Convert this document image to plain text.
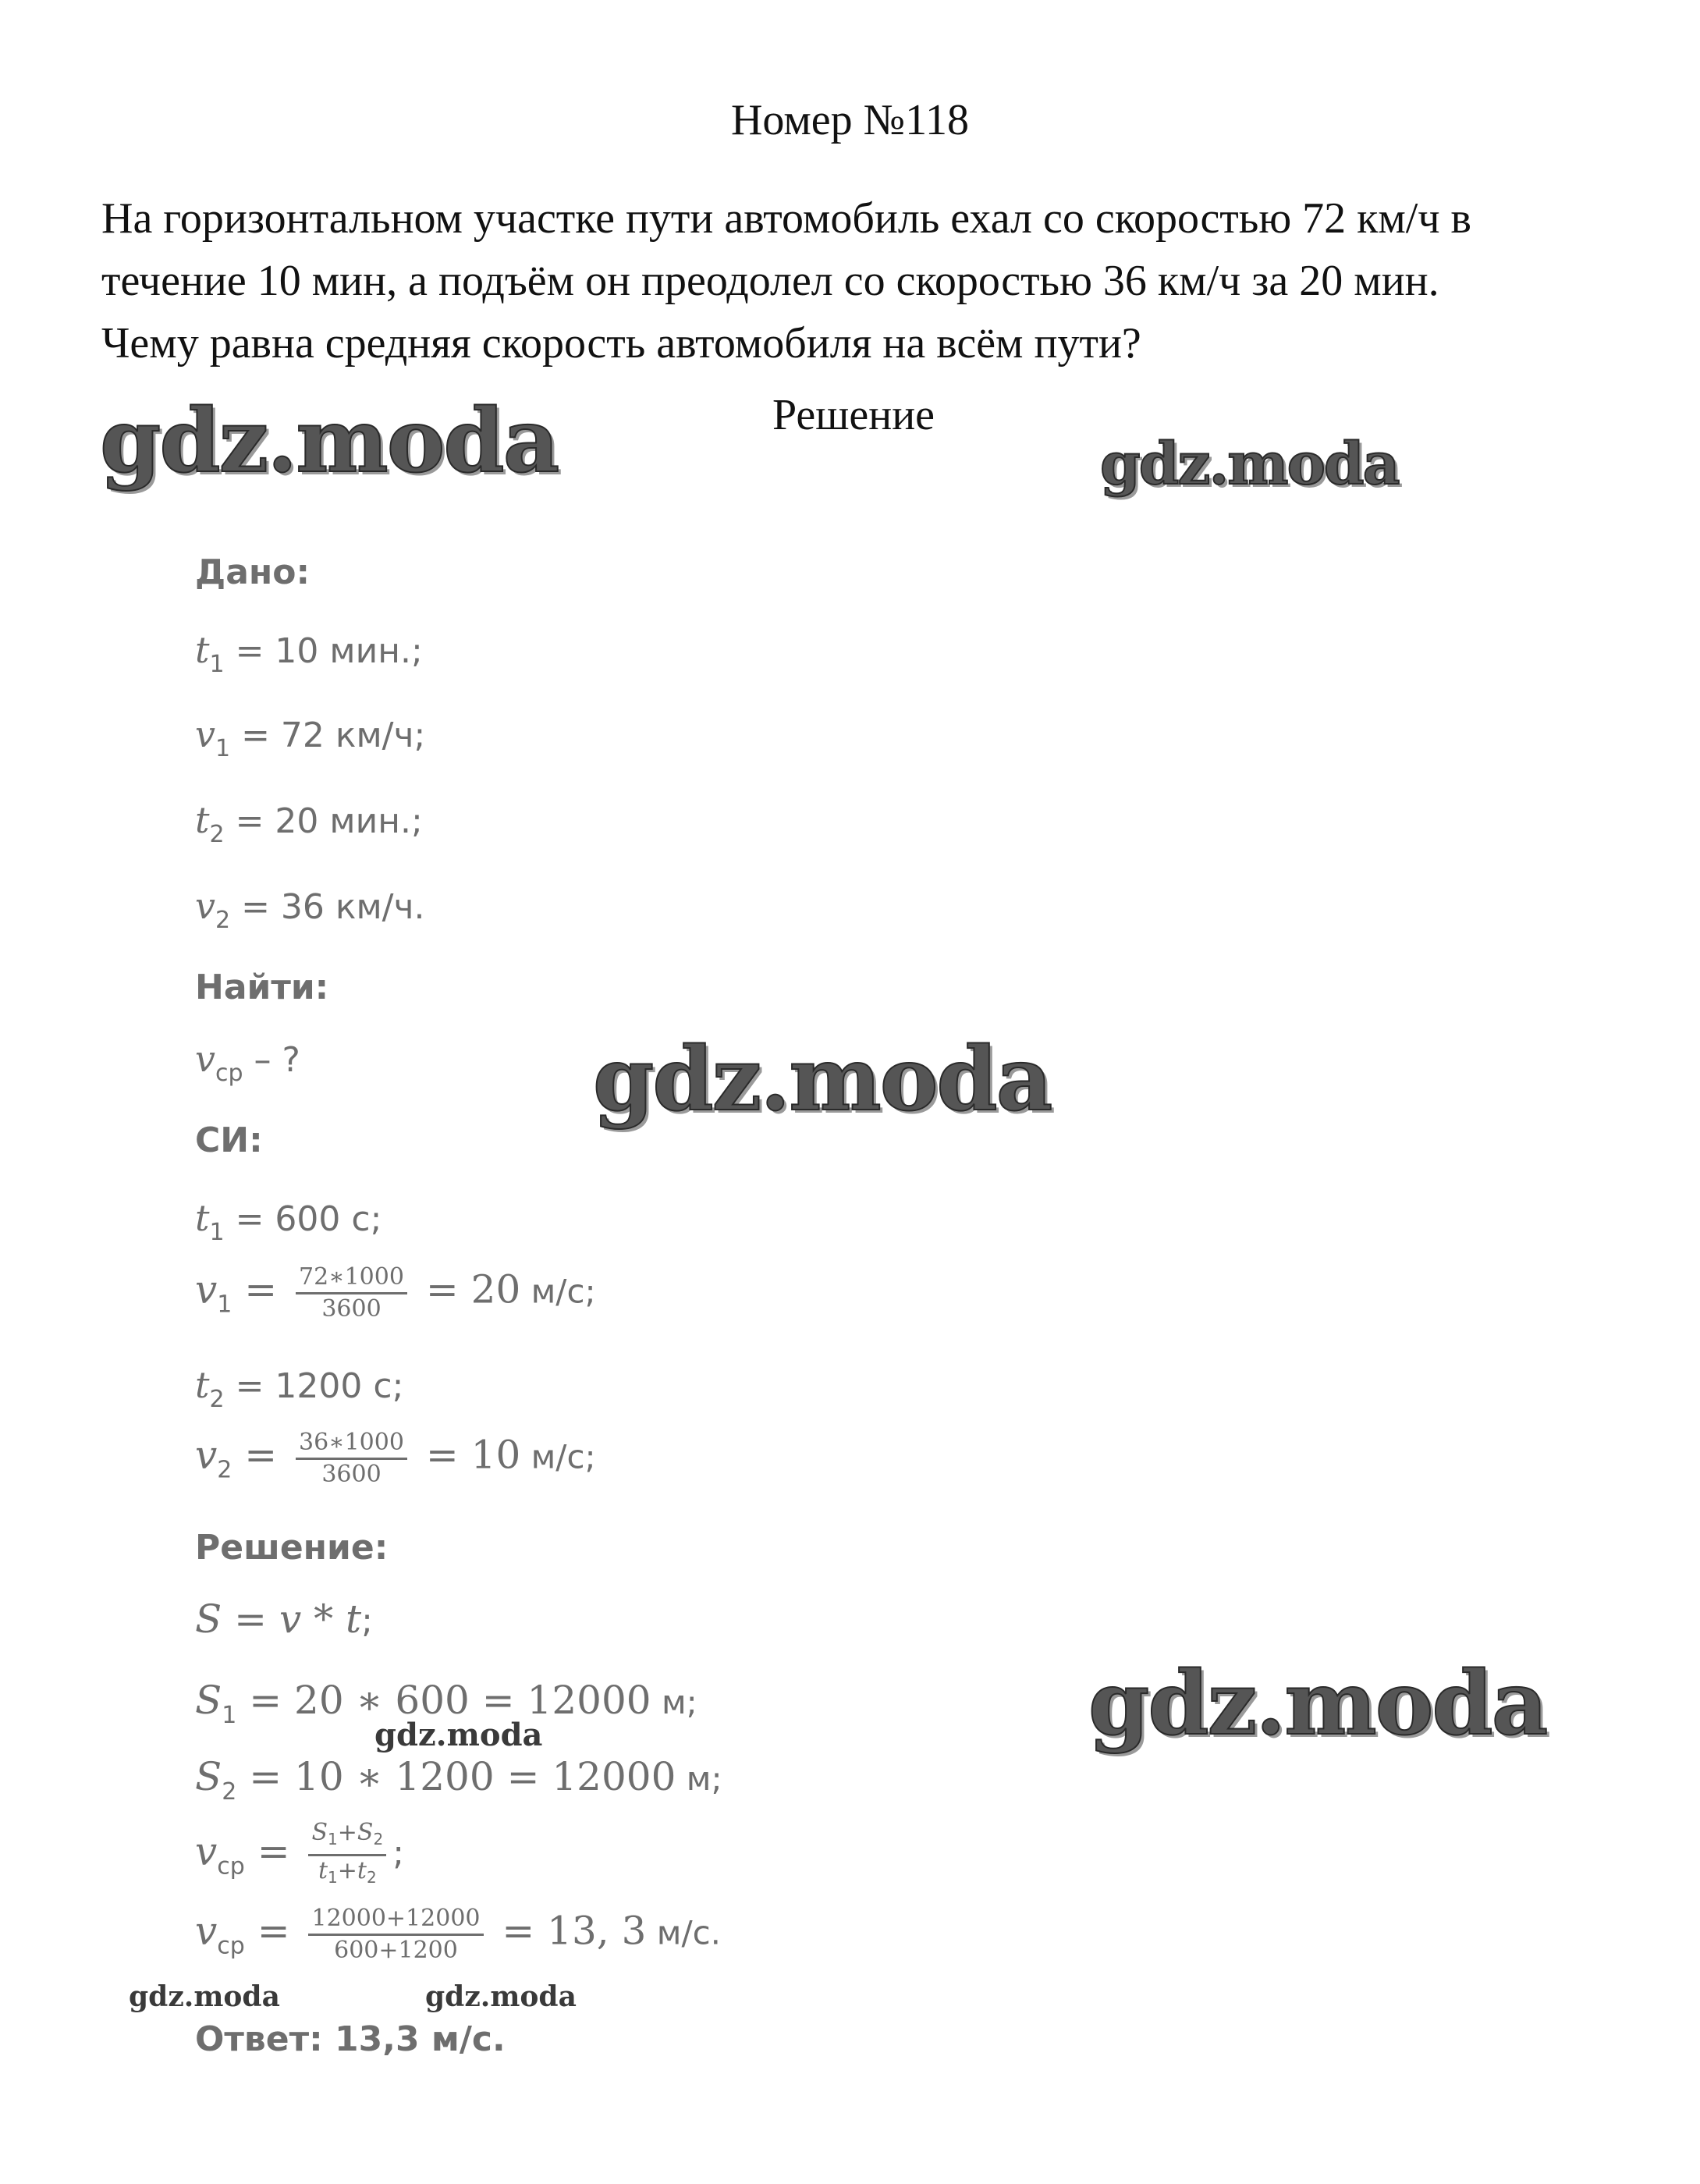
Номер №118
На горизонтальном участке пути автомобиль ехал со скоростью 72 км/ч в
течение 10 мин, а подъём он преодолел со скоростью 36 км/ч за 20 мин.
Чему равна средняя скорость автомобиля на всём пути?
Решение
gdz.moda	gdz.moda
gdz.moda
gdz.moda
gdz.moda
gdz.moda	gdz.moda
Дано:
$t_1 = 10$ мин.;
$v_1 = 72$ км/ч;
$t_2 = 20$ мин.;
$v_2 = 36$ км/ч.
Найти:
$v_{ср}$ – ?
СИ:
$t_1 = 600$ с;
$v_1 = \frac{72∗1000}{3600} = 20$ м/с;
$t_2 = 1200$ с;
$v_2 = \frac{36∗1000}{3600} = 10$ м/с;
Решение:
S = v * t;
$S_1 = 20$ ∗ 600 = 12000 м;
$S_2 = 10$ ∗ 1200 = 12000 м;
$v_{ср} = \frac{S_1+S_2}{t_1+t_2}$ ;
$v_{ср} = \frac{12000+12000}{600+1200} = 13$, 3 м/с.
Ответ: 13,3 м/с.
